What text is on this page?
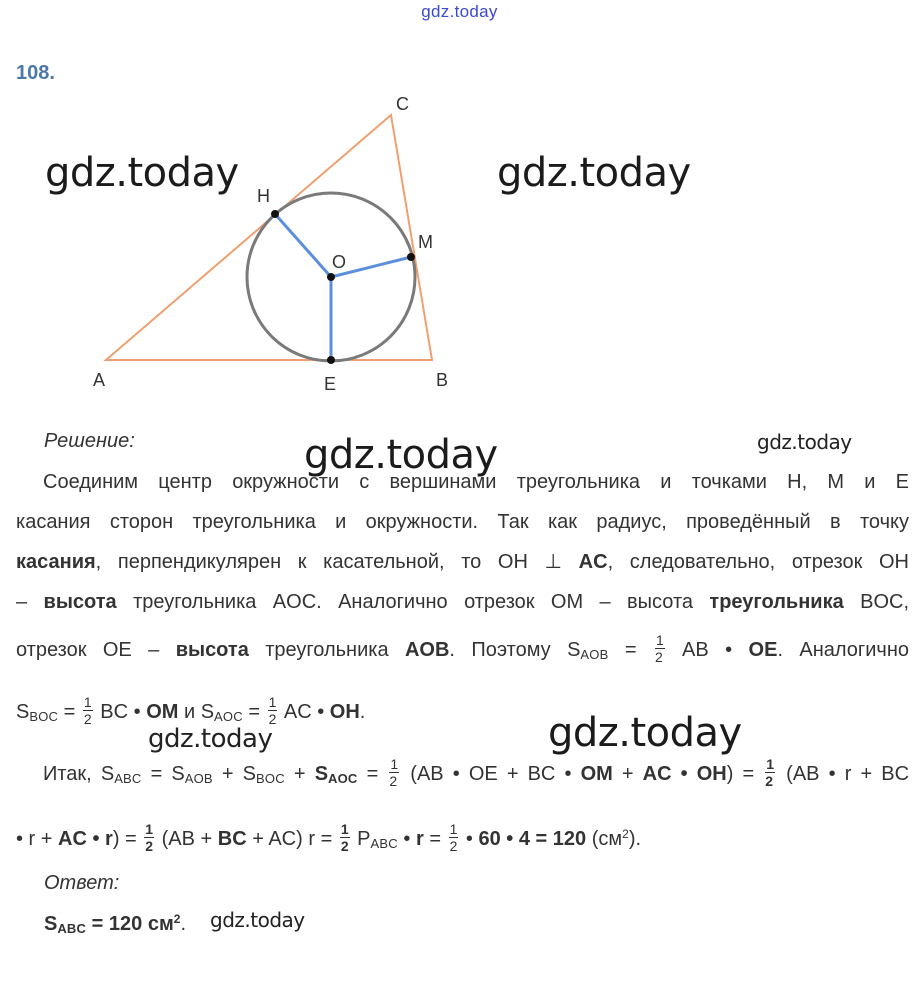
gdz.today
108.
gdz.today	gdz.today
gdz.today	gdz.today
gdz.today	gdz.today
gdz.today
A	B
C
H
M
O
E
Решение:
Соединим центр окружности с вершинами треугольника и точками H, M и E
касания сторон треугольника и окружности. Так как радиус, проведённый в точку
касания, перпендикулярен к касательной, то OH ⊥ AC, следовательно, отрезок OH
– высота треугольника AOC. Аналогично отрезок OM – высота треугольника BOC,
отрезок OE – высота треугольника AOB. Поэтому $S_{AOB} = \frac{1}{2}$ AB • OE. Аналогично
$S_{BOC} = \frac{1}{2}$ BC • OM и $S_{AOC} = \frac{1}{2}$ AC • OH.
Итак, $S_{ABC} = S_{AOB} + S_{BOC} + S_{AOC} = \frac{1}{2} (AB$ • OE + BC • OM + AC • $OH) = \frac{1}{2} (AB$ • r + BC
• r + AC • $r) = \frac{1}{2} (AB$ + BC + AC) $r = \frac{1}{2} P_{ABC}$ • $r = \frac{1}{2}$ • 60 • 4 = 120 $(см^2)$.
Ответ:
$S_{ABC} = 120$ $см^2$.
